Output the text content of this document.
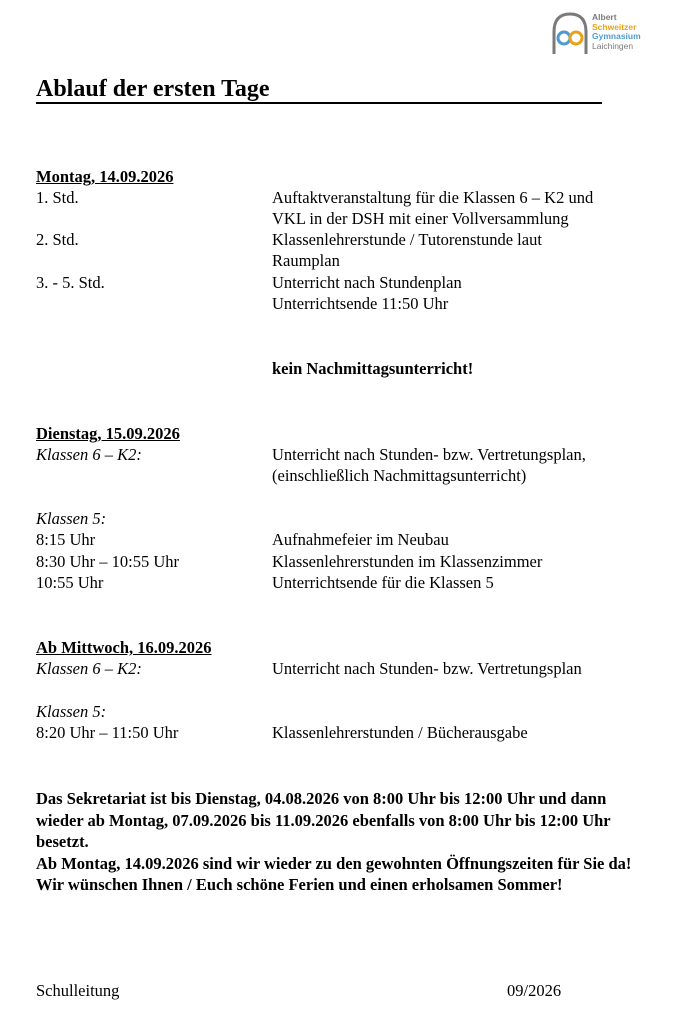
Albert
Schweitzer
Gymnasium
Laichingen
Ablauf der ersten Tage
Montag, 14.09.2026
1. Std.	Auftaktveranstaltung für die Klassen 6 – K2 und
VKL in der DSH mit einer Vollversammlung
2. Std.	Klassenlehrerstunde / Tutorenstunde laut
Raumplan
3. - 5. Std.	Unterricht nach Stundenplan
Unterrichtsende 11:50 Uhr
kein Nachmittagsunterricht!
Dienstag, 15.09.2026
Klassen 6 – K2:	Unterricht nach Stunden- bzw. Vertretungsplan,
(einschließlich Nachmittagsunterricht)
Klassen 5:
8:15 Uhr	Aufnahmefeier im Neubau
8:30 Uhr – 10:55 Uhr	Klassenlehrerstunden im Klassenzimmer
10:55 Uhr	Unterrichtsende für die Klassen 5
Ab Mittwoch, 16.09.2026
Klassen 6 – K2:	Unterricht nach Stunden- bzw. Vertretungsplan
Klassen 5:
8:20 Uhr – 11:50 Uhr	Klassenlehrerstunden / Bücherausgabe

Das Sekretariat ist bis Dienstag, 04.08.2026 von 8:00 Uhr bis 12:00 Uhr und dann wieder ab Montag, 07.09.2026 bis 11.09.2026 ebenfalls von 8:00 Uhr bis 12:00 Uhr besetzt.

Ab Montag, 14.09.2026 sind wir wieder zu den gewohnten Öffnungszeiten für Sie da!

Wir wünschen Ihnen / Euch schöne Ferien und einen erholsamen Sommer!

Schulleitung	09/2026
